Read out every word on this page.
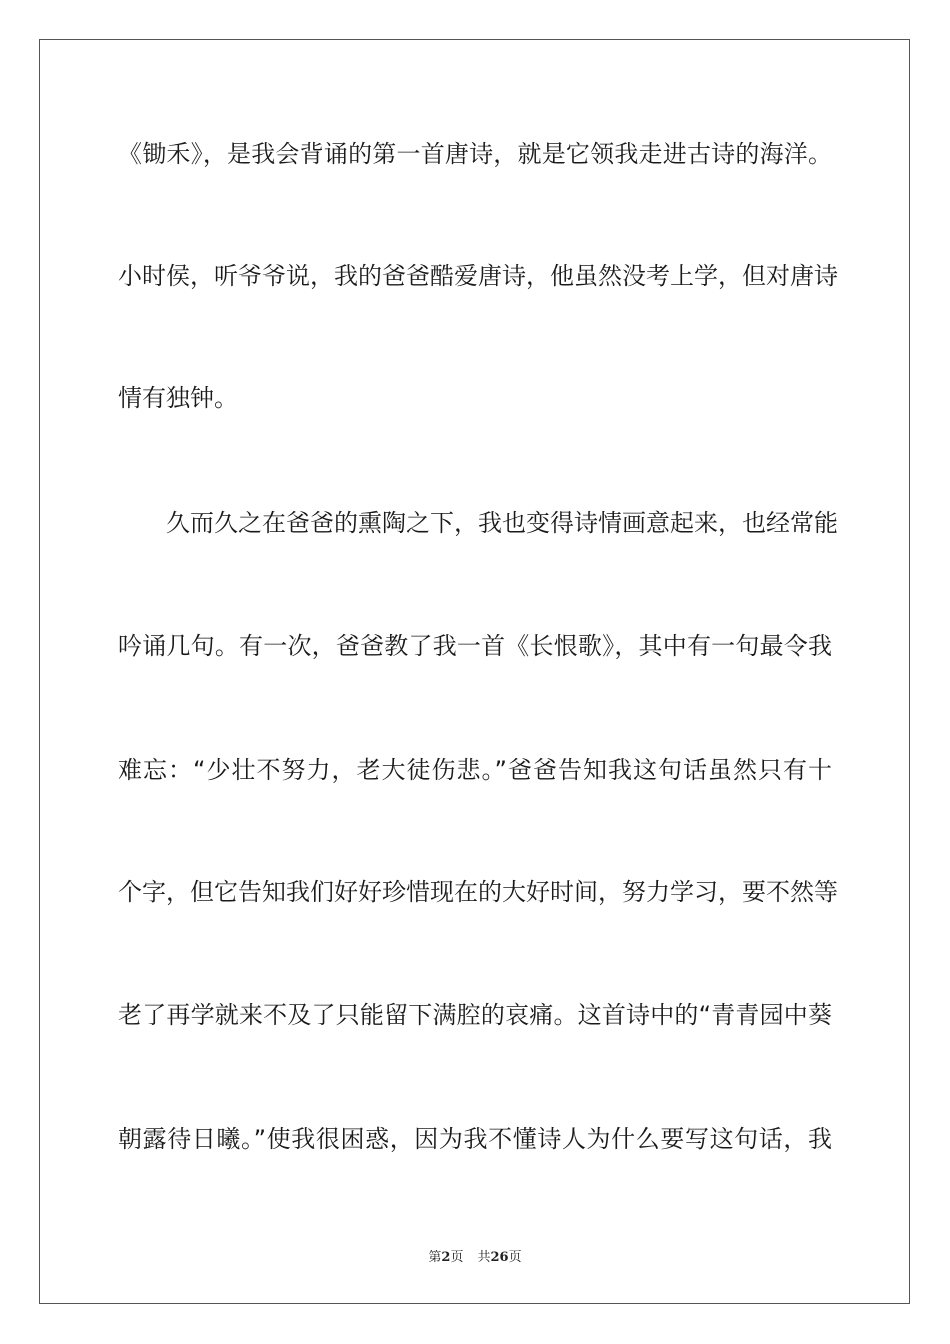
《锄禾》，是我会背诵的第一首唐诗，就是它领我走进古诗的海洋。
小时侯，听爷爷说，我的爸爸酷爱唐诗，他虽然没考上学，但对唐诗
情有独钟。
久而久之在爸爸的熏陶之下，我也变得诗情画意起来，也经常能
吟诵几句。有一次，爸爸教了我一首《长恨歌》，其中有一句最令我
难忘：“少壮不努力，老大徒伤悲。”爸爸告知我这句话虽然只有十
个字，但它告知我们好好珍惜现在的大好时间，努力学习，要不然等
老了再学就来不及了只能留下满腔的哀痛。这首诗中的“青青园中葵
朝露待日曦。”使我很困惑，因为我不懂诗人为什么要写这句话，我
第2页 共26页
